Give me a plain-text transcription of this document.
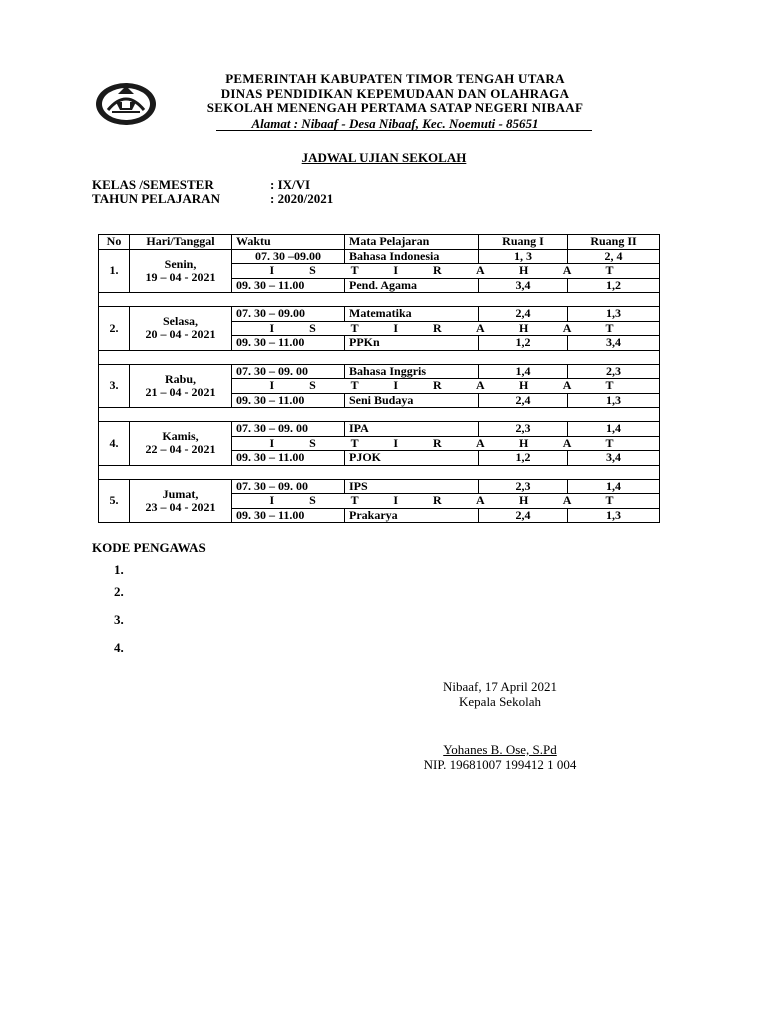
PEMERINTAH KABUPATEN TIMOR TENGAH UTARA
DINAS PENDIDIKAN KEPEMUDAAN DAN OLAHRAGA
SEKOLAH MENENGAH PERTAMA SATAP NEGERI NIBAAF
Alamat : Nibaaf - Desa Nibaaf, Kec. Noemuti - 85651
JADWAL UJIAN SEKOLAH
KELAS /SEMESTER	: IX/VI
TAHUN PELAJARAN	: 2020/2021
No	Hari/Tanggal	Waktu	Mata Pelajaran	Ruang I	Ruang II
1.	Senin,
19 – 04 - 2021	07. 30 –09.00	Bahasa Indonesia	1, 3	2, 4
		I S T I R A H A T			
		09. 30 – 11.00	Pend. Agama	3,4	1,2

2.	Selasa,
20 – 04 - 2021	07. 30 – 09.00	Matematika	2,4	1,3
		I S T I R A H A T			
		09. 30 – 11.00	PPKn	1,2	3,4

3.	Rabu,
21 – 04 - 2021	07. 30 – 09. 00	Bahasa Inggris	1,4	2,3
		I S T I R A H A T			
		09. 30 – 11.00	Seni Budaya	2,4	1,3

4.	Kamis,
22 – 04 - 2021	07. 30 – 09. 00	IPA	2,3	1,4
		I S T I R A H A T			
		09. 30 – 11.00	PJOK	1,2	3,4

5.	Jumat,
23 – 04 - 2021	07. 30 – 09. 00	IPS	2,3	1,4
		I S T I R A H A T			
		09. 30 – 11.00	Prakarya	2,4	1,3
KODE PENGAWAS
1.
2.
3.
4.
Nibaaf, 17 April 2021
Kepala Sekolah
Yohanes B. Ose, S.Pd
NIP. 19681007 199412 1 004
